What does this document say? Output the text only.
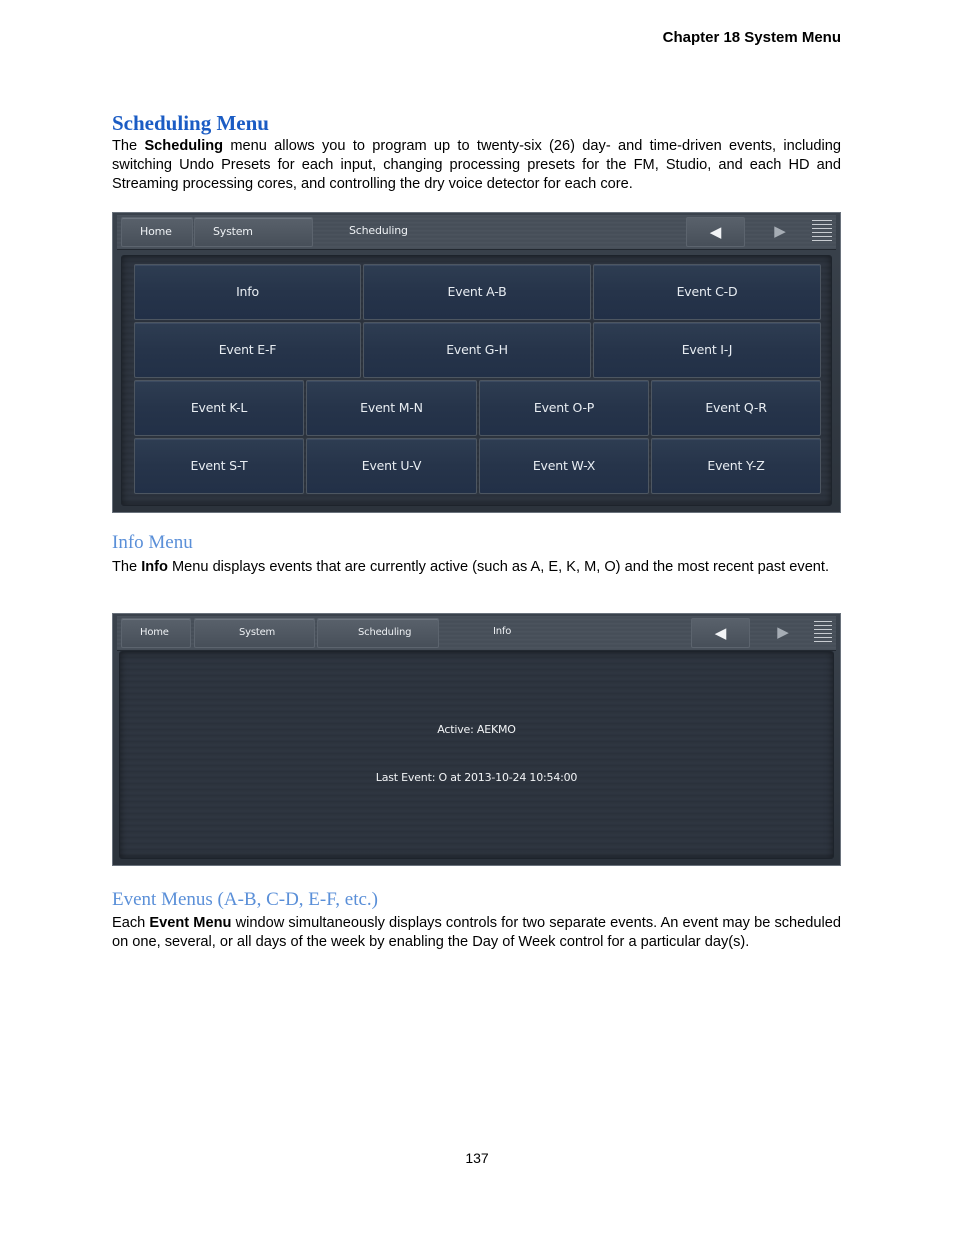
Chapter 18 System Menu
Scheduling Menu
The Scheduling menu allows you to program up to twenty-six (26) day- and time-driven events, including switching Undo Presets for each input, changing processing presets for the FM, Studio, and each HD and Streaming processing cores, and controlling the dry voice detector for each core.
Home	System	Scheduling	◀	▶
Info	Event A-B	Event C-D
Event E-F	Event G-H	Event I-J
Event K-L	Event M-N	Event O-P	Event Q-R
Event S-T	Event U-V	Event W-X	Event Y-Z
Info Menu
The Info Menu displays events that are currently active (such as A, E, K, M, O) and the most recent past event.
Home	System	Scheduling	Info	◀	▶
Active: AEKMO
Last Event: O at 2013-10-24 10:54:00
Event Menus (A-B, C-D, E-F, etc.)
Each Event Menu window simultaneously displays controls for two separate events. An event may be scheduled on one, several, or all days of the week by enabling the Day of Week control for a particular day(s).
137
